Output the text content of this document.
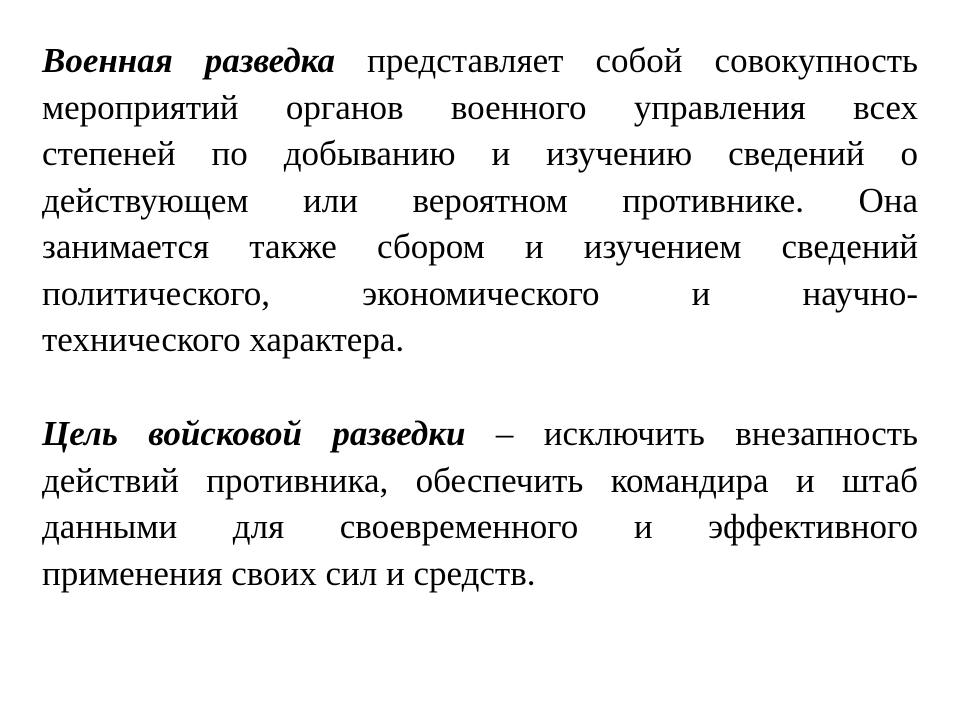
Военная разведка представляет собой совокупность
мероприятий органов военного управления всех
степеней по добыванию и изучению сведений о
действующем или вероятном противнике. Она
занимается также сбором и изучением сведений
политического, экономического и научно-
технического характера.
Цель войсковой разведки – исключить внезапность
действий противника, обеспечить командира и штаб
данными для своевременного и эффективного
применения своих сил и средств.
